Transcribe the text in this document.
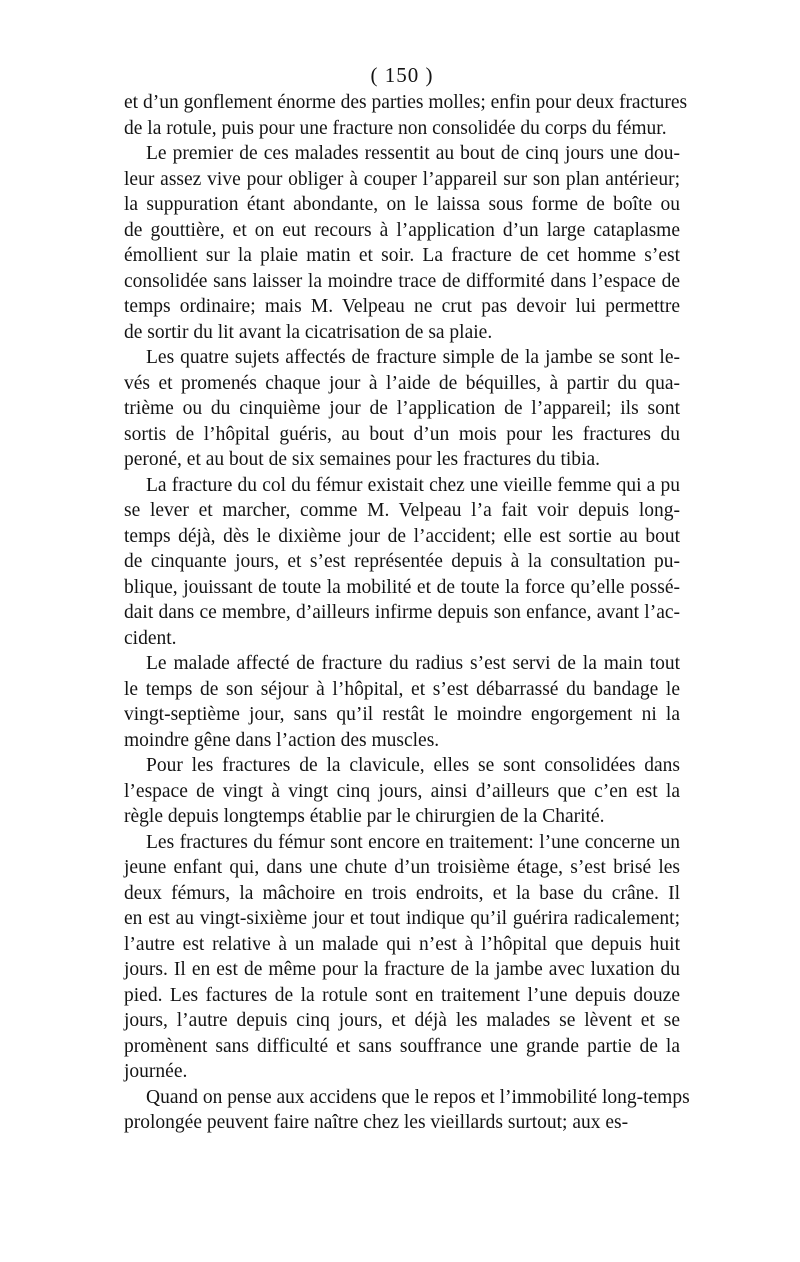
( 150 )

et d’un gonflement énorme des parties molles; enfin pour deux fractures
de la rotule, puis pour une fracture non consolidée du corps du fémur.

Le premier de ces malades ressentit au bout de cinq jours une dou-
leur assez vive pour obliger à couper l’appareil sur son plan antérieur;
la suppuration étant abondante, on le laissa sous forme de boîte ou
de gouttière, et on eut recours à l’application d’un large cataplasme
émollient sur la plaie matin et soir. La fracture de cet homme s’est
consolidée sans laisser la moindre trace de difformité dans l’espace de
temps ordinaire; mais M. Velpeau ne crut pas devoir lui permettre
de sortir du lit avant la cicatrisation de sa plaie.

Les quatre sujets affectés de fracture simple de la jambe se sont le-
vés et promenés chaque jour à l’aide de béquilles, à partir du qua-
trième ou du cinquième jour de l’application de l’appareil; ils sont
sortis de l’hôpital guéris, au bout d’un mois pour les fractures du
peroné, et au bout de six semaines pour les fractures du tibia.

La fracture du col du fémur existait chez une vieille femme qui a pu
se lever et marcher, comme M. Velpeau l’a fait voir depuis long-
temps déjà, dès le dixième jour de l’accident; elle est sortie au bout
de cinquante jours, et s’est représentée depuis à la consultation pu-
blique, jouissant de toute la mobilité et de toute la force qu’elle possé-
dait dans ce membre, d’ailleurs infirme depuis son enfance, avant l’ac-
cident.

Le malade affecté de fracture du radius s’est servi de la main tout
le temps de son séjour à l’hôpital, et s’est débarrassé du bandage le
vingt-septième jour, sans qu’il restât le moindre engorgement ni la
moindre gêne dans l’action des muscles.

Pour les fractures de la clavicule, elles se sont consolidées dans
l’espace de vingt à vingt cinq jours, ainsi d’ailleurs que c’en est la
règle depuis longtemps établie par le chirurgien de la Charité.

Les fractures du fémur sont encore en traitement: l’une concerne un
jeune enfant qui, dans une chute d’un troisième étage, s’est brisé les
deux fémurs, la mâchoire en trois endroits, et la base du crâne. Il
en est au vingt-sixième jour et tout indique qu’il guérira radicalement;
l’autre est relative à un malade qui n’est à l’hôpital que depuis huit
jours. Il en est de même pour la fracture de la jambe avec luxation du
pied. Les factures de la rotule sont en traitement l’une depuis douze
jours, l’autre depuis cinq jours, et déjà les malades se lèvent et se
promènent sans difficulté et sans souffrance une grande partie de la
journée.

Quand on pense aux accidens que le repos et l’immobilité long-temps
prolongée peuvent faire naître chez les vieillards surtout; aux es-
